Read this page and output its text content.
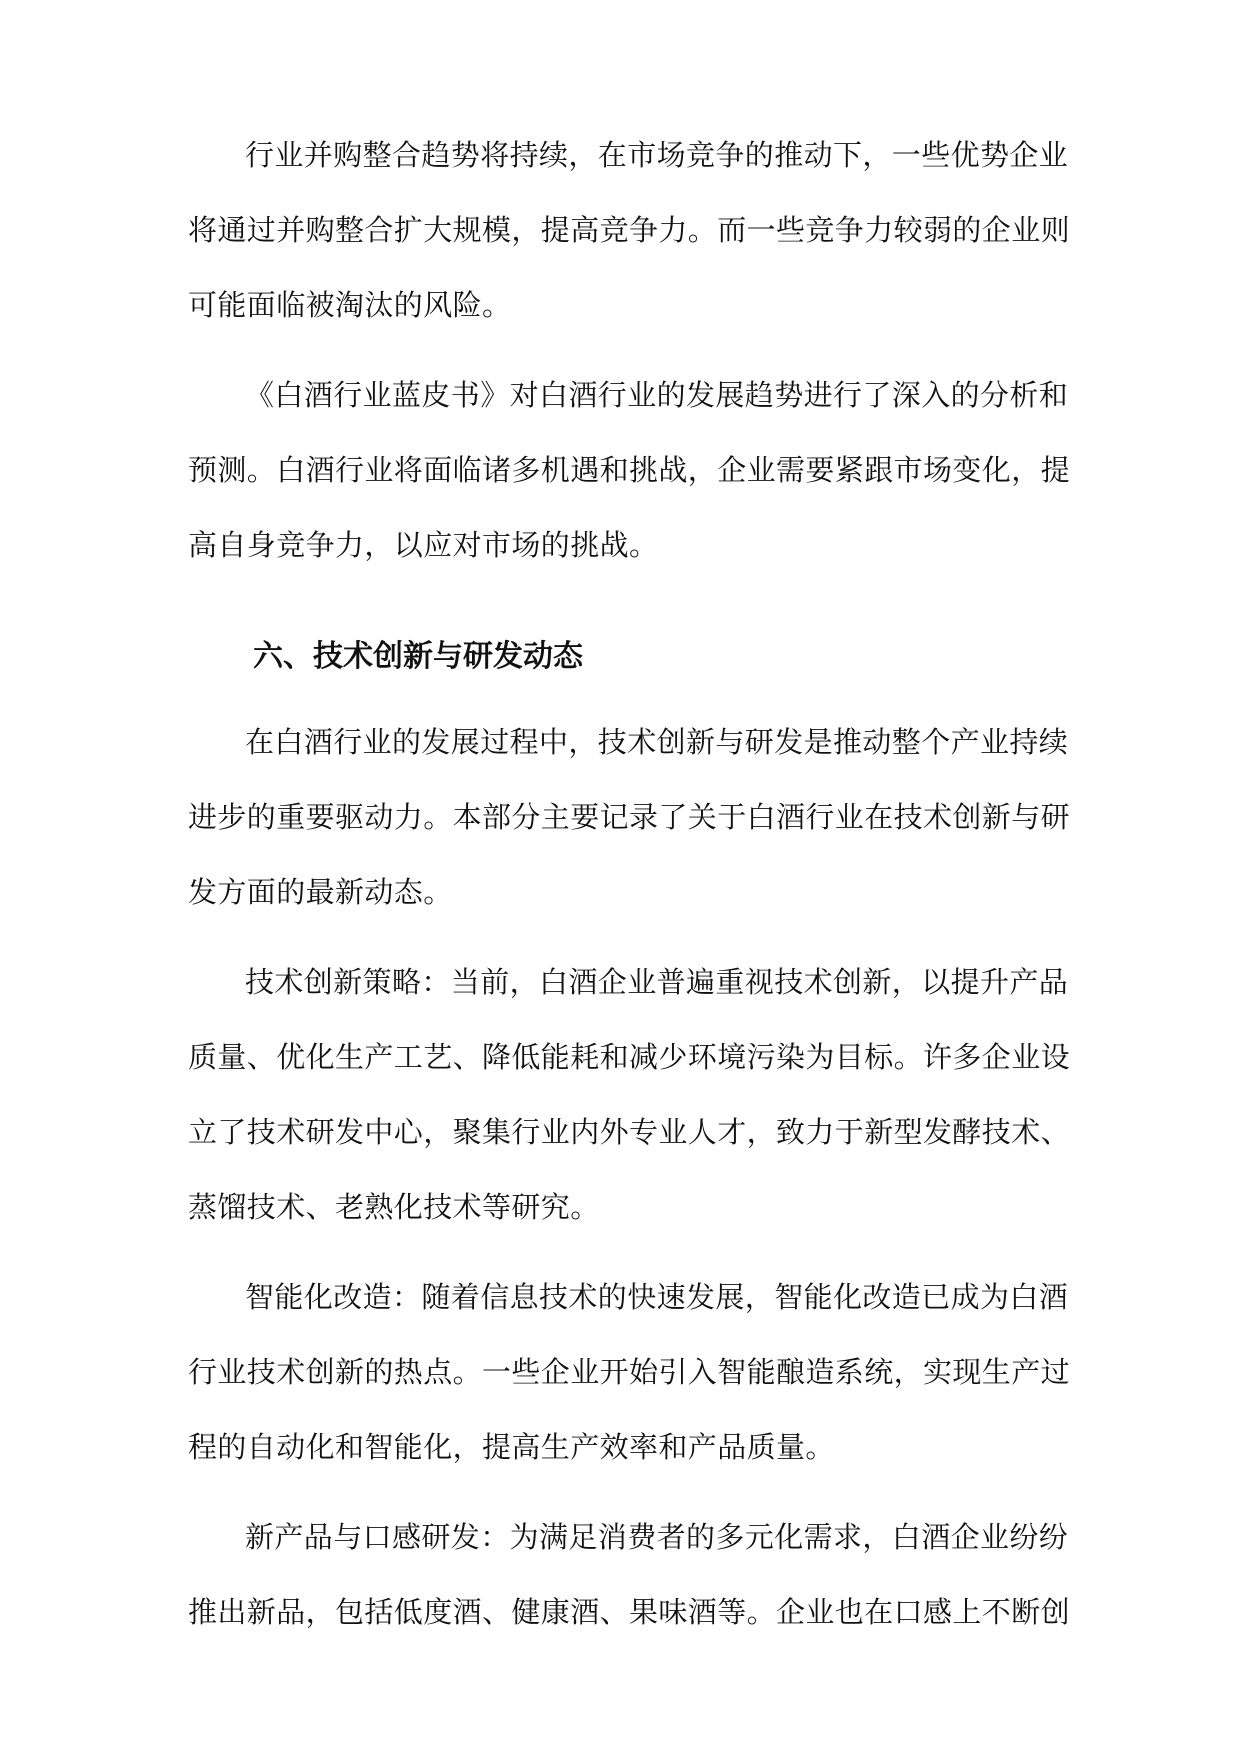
行业并购整合趋势将持续，在市场竞争的推动下，一些优势企业

将通过并购整合扩大规模，提高竞争力。而一些竞争力较弱的企业则

可能面临被淘汰的风险。

《白酒行业蓝皮书》对白酒行业的发展趋势进行了深入的分析和

预测。白酒行业将面临诸多机遇和挑战，企业需要紧跟市场变化，提

高自身竞争力，以应对市场的挑战。

六、技术创新与研发动态

在白酒行业的发展过程中，技术创新与研发是推动整个产业持续

进步的重要驱动力。本部分主要记录了关于白酒行业在技术创新与研

发方面的最新动态。

技术创新策略：当前，白酒企业普遍重视技术创新，以提升产品

质量、优化生产工艺、降低能耗和减少环境污染为目标。许多企业设

立了技术研发中心，聚集行业内外专业人才，致力于新型发酵技术、

蒸馏技术、老熟化技术等研究。

智能化改造：随着信息技术的快速发展，智能化改造已成为白酒

行业技术创新的热点。一些企业开始引入智能酿造系统，实现生产过

程的自动化和智能化，提高生产效率和产品质量。

新产品与口感研发：为满足消费者的多元化需求，白酒企业纷纷

推出新品，包括低度酒、健康酒、果味酒等。企业也在口感上不断创
